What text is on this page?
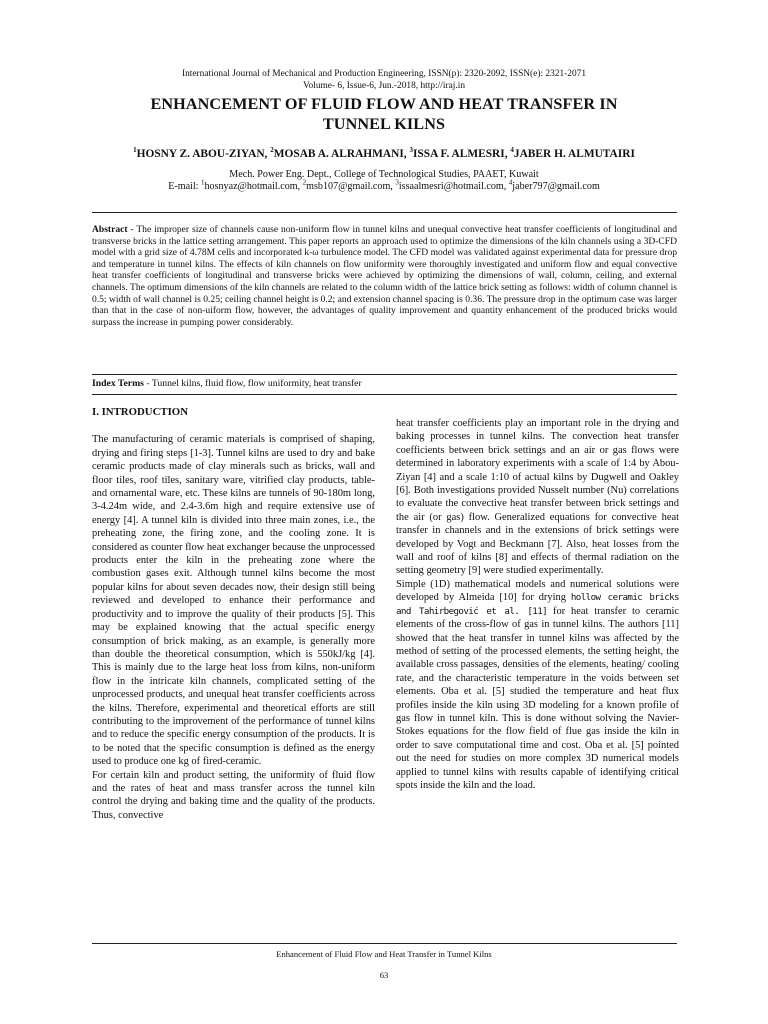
International Journal of Mechanical and Production Engineering, ISSN(p): 2320-2092, ISSN(e): 2321-2071
Volume- 6, Issue-6, Jun.-2018, http://iraj.in
ENHANCEMENT OF FLUID FLOW AND HEAT TRANSFER IN
TUNNEL KILNS
$^1$HOSNY Z. ABOU-ZIYAN, $^2$MOSAB A. ALRAHMANI, $^3$ISSA F. ALMESRI, $^4$JABER H. ALMUTAIRI
Mech. Power Eng. Dept., College of Technological Studies, PAAET, Kuwait
E-mail: $^1$hosnyaz@hotmail.com, $^2$msb107@gmail.com, $^3$issaalmesri@hotmail.com, $^4$jaber797@gmail.com
Abstract - The improper size of channels cause non-uniform flow in tunnel kilns and unequal convective heat transfer coefficients of longitudinal and transverse bricks in the lattice setting arrangement. This paper reports an approach used to optimize the dimensions of the kiln channels using a 3D-CFD model with a grid size of 4.78M cells and incorporated k-ω turbulence model. The CFD model was validated against experimental data for pressure drop and temperature in tunnel kilns. The effects of kiln channels on flow uniformity were thoroughly investigated and uniform flow and equal convective heat transfer coefficients of longitudinal and transverse bricks were achieved by optimizing the dimensions of wall, column, ceiling, and external channels. The optimum dimensions of the kiln channels are related to the column width of the lattice brick setting as follows: width of column channel is 0.5; width of wall channel is 0.25; ceiling channel height is 0.2; and extension channel spacing is 0.36. The pressure drop in the optimum case was larger than that in the case of non-uiform flow, however, the advantages of quality improvement and quantity enhancement of the produced bricks would surpass the increase in pumping power considerably.
Index Terms - Tunnel kilns, fluid flow, flow uniformity, heat transfer

I. INTRODUCTION

The manufacturing of ceramic materials is comprised of shaping, drying and firing steps [1-3]. Tunnel kilns are used to dry and bake ceramic products made of clay minerals such as bricks, wall and floor tiles, roof tiles, sanitary ware, vitrified clay products, table-and ornamental ware, etc. These kilns are tunnels of 90-180m long, 3-4.24m wide, and 2.4-3.6m high and require extensive use of energy [4]. A tunnel kiln is divided into three main zones, i.e., the preheating zone, the firing zone, and the cooling zone. It is considered as counter flow heat exchanger because the unprocessed products enter the kiln in the preheating zone where the combustion gases exit. Although tunnel kilns become the most popular kilns for about seven decades now, their design still being reviewed and developed to enhance their performance and productivity and to improve the quality of their products [5]. This may be explained knowing that the actual specific energy consumption of brick making, as an example, is generally more than double the theoretical consumption, which is 550kJ/kg [4]. This is mainly due to the large heat loss from kilns, non-uniform flow in the intricate kiln channels, complicated setting of the unprocessed products, and unequal heat transfer coefficients across the kilns. Therefore, experimental and theoretical efforts are still contributing to the improvement of the performance of tunnel kilns and to reduce the specific energy consumption of the products. It is to be noted that the specific consumption is defined as the energy used to produce one kg of fired-ceramic.

For certain kiln and product setting, the uniformity of fluid flow and the rates of heat and mass transfer across the tunnel kiln control the drying and baking time and the quality of the products. Thus, convective

heat transfer coefficients play an important role in the drying and baking processes in tunnel kilns. The convection heat transfer coefficients between brick settings and an air or gas flows were determined in laboratory experiments with a scale of 1:4 by Abou-Ziyan [4] and a scale 1:10 of actual kilns by Dugwell and Oakley [6]. Both investigations provided Nusselt number (Nu) correlations to evaluate the convective heat transfer between brick settings and the air (or gas) flow. Generalized equations for convective heat transfer in channels and in the extensions of brick settings were developed by Vogt and Beckmann [7]. Also, heat losses from the wall and roof of kilns [8] and effects of thermal radiation on the setting geometry [9] were studied experimentally.

Simple (1D) mathematical models and numerical solutions were developed by Almeida [10] for drying hollow ceramic bricks and Tahirbegović et al. [11] for heat transfer to ceramic elements of the cross-flow of gas in tunnel kilns. The authors [11] showed that the heat transfer in tunnel kilns was affected by the method of setting of the processed elements, the setting height, the available cross passages, densities of the elements, heating/ cooling rate, and the characteristic temperature in the voids between set elements. Oba et al. [5] studied the temperature and heat flux profiles inside the kiln using 3D modeling for a known profile of gas flow in tunnel kiln. This is done without solving the Navier-Stokes equations for the flow field of flue gas inside the kiln in order to save computational time and cost. Oba et al. [5] pointed out the need for studies on more complex 3D numerical models applied to tunnel kilns with results capable of identifying critical spots inside the kiln and the load.

Enhancement of Fluid Flow and Heat Transfer in Tunnel Kilns
63
